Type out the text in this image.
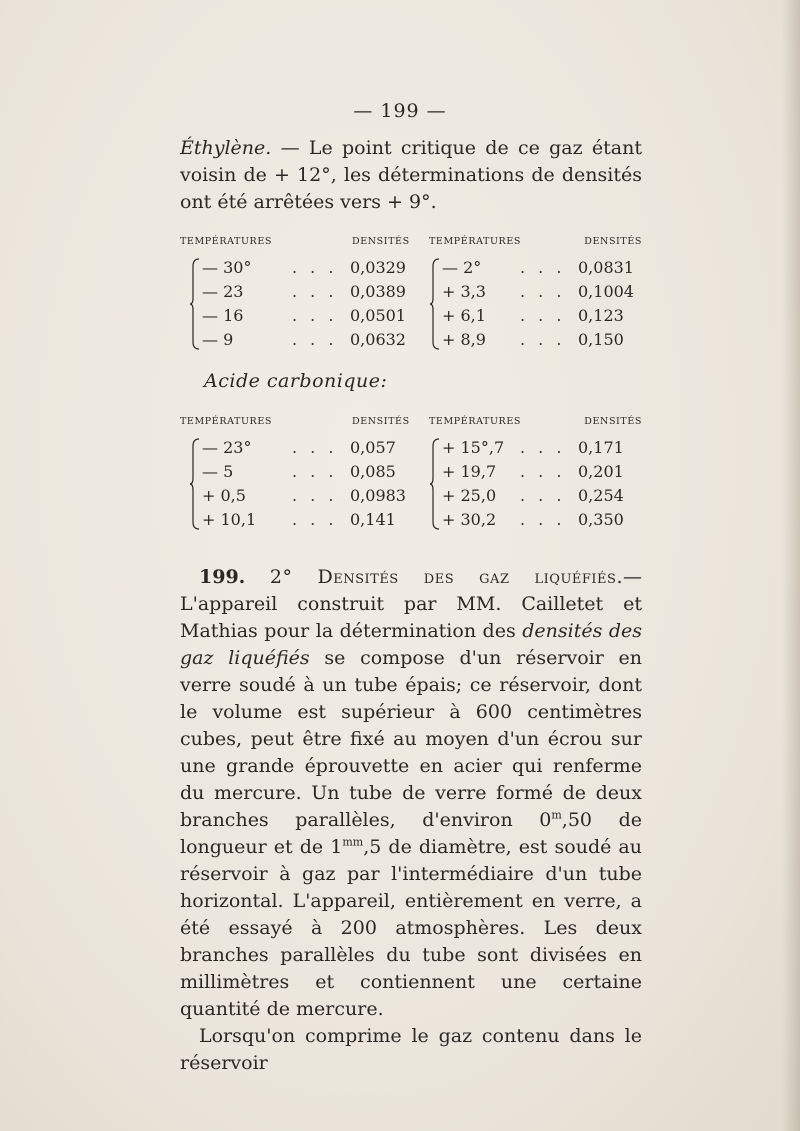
— 199 —

Éthylène. — Le point critique de ce gaz étant voisin de + 12°, les déterminations de densités ont été arrêtées vers + 9°.

TEMPÉRATURES	DENSITÉS TEMPÉRATURES	DENSITÉS
— 30°	. . . 0,0329 — 2° . . . 0,0831
— 23	. . . 0,0389 + 3,3 . . . 0,1004
— 16	. . . 0,0501 + 6,1 . . . 0,123
— 9	. . . 0,0632 + 8,9 . . . 0,150
Acide carbonique:
TEMPÉRATURES	DENSITÉS TEMPÉRATURES	DENSITÉS
— 23°	. . . 0,057	+ 15°,7 . . . 0,171
— 5	. . . 0,085	+ 19,7 . . . 0,201
+ 0,5	. . . 0,0983 + 25,0 . . . 0,254
+ 10,1 . . . 0,141	+ 30,2 . . . 0,350

 199. 2° Densités des gaz liquéfiés.— L'appareil construit par MM. Cailletet et Mathias pour la détermination des densités des gaz liquéfiés se compose d'un réservoir en verre soudé à un tube épais; ce réservoir, dont le volume est supérieur à 600 centimètres cubes, peut être fixé au moyen d'un écrou sur une grande éprouvette en acier qui renferme du mercure. Un tube de verre formé de deux branches parallèles, d'environ 0$^m$,50 de longueur et de $1^{mm},5$ de diamètre, est soudé au réservoir à gaz par l'intermédiaire d'un tube horizontal. L'appareil, entièrement en verre, a été essayé à 200 atmosphères. Les deux branches parallèles du tube sont divisées en millimètres et contiennent une certaine quantité de mercure.
 Lorsqu'on comprime le gaz contenu dans le réservoir
